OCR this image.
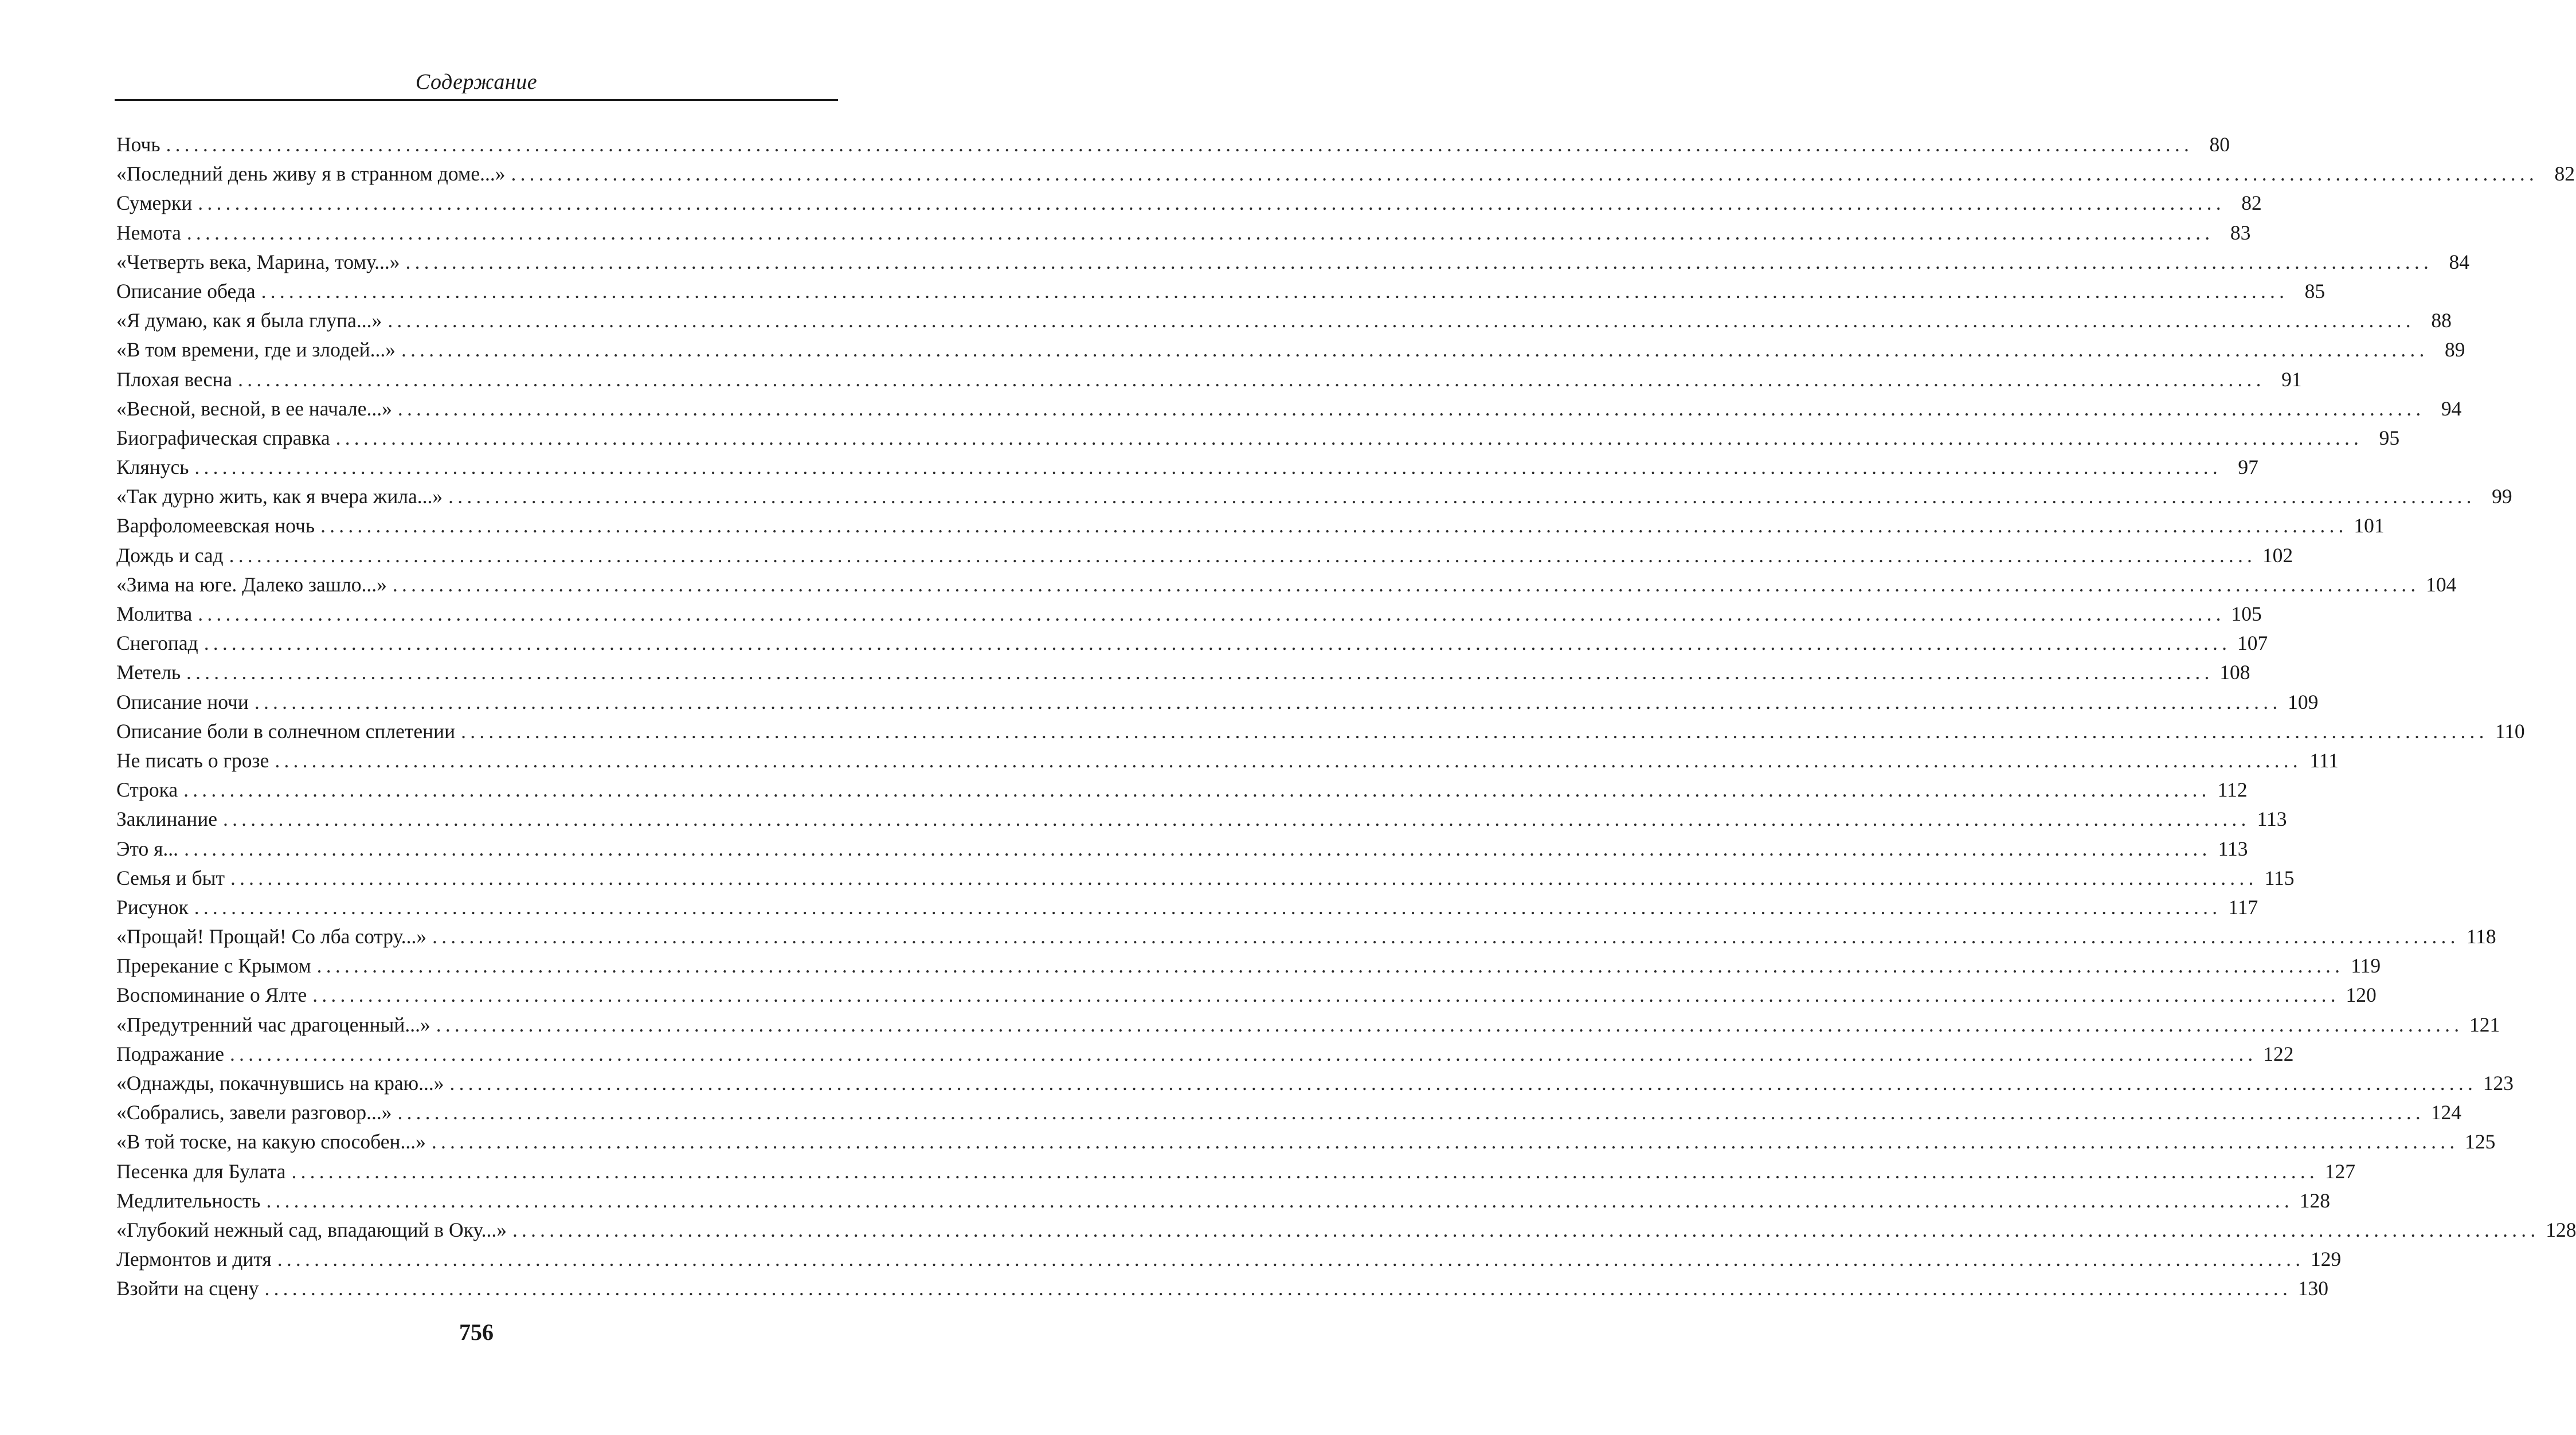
Содержание
Ночь ............................................................................................................................................................................................................................ 80
«Последний день живу я в странном доме...» ............................................................................................................................................................................................................................ 82
Сумерки ............................................................................................................................................................................................................................ 82
Немота ............................................................................................................................................................................................................................ 83
«Четверть века, Марина, тому...» ............................................................................................................................................................................................................................ 84
Описание обеда ............................................................................................................................................................................................................................ 85
«Я думаю, как я была глупа...» ............................................................................................................................................................................................................................ 88
«В том времени, где и злодей...» ............................................................................................................................................................................................................................ 89
Плохая весна ............................................................................................................................................................................................................................ 91
«Весной, весной, в ее начале...» ............................................................................................................................................................................................................................ 94
Биографическая справка ............................................................................................................................................................................................................................ 95
Клянусь ............................................................................................................................................................................................................................ 97
«Так дурно жить, как я вчера жила...» ............................................................................................................................................................................................................................ 99
Варфоломеевская ночь ............................................................................................................................................................................................................................ 101
Дождь и сад ............................................................................................................................................................................................................................ 102
«Зима на юге. Далеко зашло...» ............................................................................................................................................................................................................................ 104
Молитва ............................................................................................................................................................................................................................ 105
Снегопад ............................................................................................................................................................................................................................ 107
Метель ............................................................................................................................................................................................................................ 108
Описание ночи ............................................................................................................................................................................................................................ 109
Описание боли в солнечном сплетении ............................................................................................................................................................................................................................ 110
Не писать о грозе ............................................................................................................................................................................................................................ 111
Строка ............................................................................................................................................................................................................................ 112
Заклинание ............................................................................................................................................................................................................................ 113
Это я... ............................................................................................................................................................................................................................ 113
Семья и быт ............................................................................................................................................................................................................................ 115
Рисунок ............................................................................................................................................................................................................................ 117
«Прощай! Прощай! Со лба сотру...» ............................................................................................................................................................................................................................ 118
Пререкание с Крымом ............................................................................................................................................................................................................................ 119
Воспоминание о Ялте ............................................................................................................................................................................................................................ 120
«Предутренний час драгоценный...» ............................................................................................................................................................................................................................ 121
Подражание ............................................................................................................................................................................................................................ 122
«Однажды, покачнувшись на краю...» ............................................................................................................................................................................................................................ 123
«Собрались, завели разговор...» ............................................................................................................................................................................................................................ 124
«В той тоске, на какую способен...» ............................................................................................................................................................................................................................ 125
Песенка для Булата ............................................................................................................................................................................................................................ 127
Медлительность ............................................................................................................................................................................................................................ 128
«Глубокий нежный сад, впадающий в Оку...» ............................................................................................................................................................................................................................ 128
Лермонтов и дитя ............................................................................................................................................................................................................................ 129
Взойти на сцену ............................................................................................................................................................................................................................ 130
756
